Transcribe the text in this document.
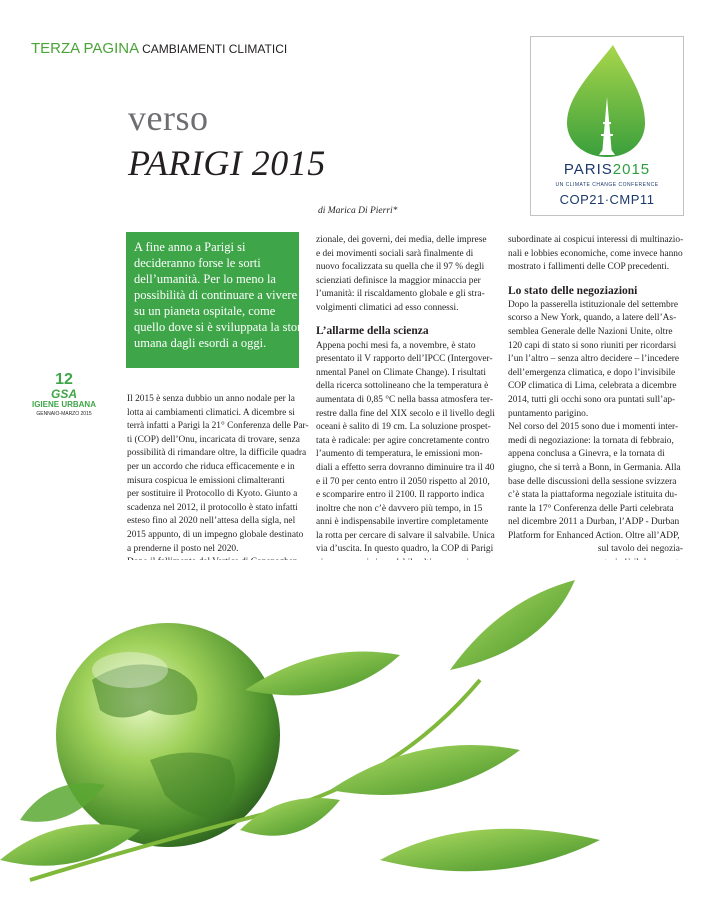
TERZA PAGINA CAMBIAMENTI CLIMATICI
verso
PARIGI 2015
di Marica Di Pierri*
PARIS2015
UN CLIMATE CHANGE CONFERENCE
COP21·CMP11
A fine anno a Parigi si
decideranno forse le sorti
dell’umanità. Per lo meno la
possibilità di continuare a vivere
su un pianeta ospitale, come
quello dove si è sviluppata la storia
umana dagli esordi a oggi.
12
GSA
IGIENE URBANA
GENNAIO-MARZO 2015

Il 2015 è senza dubbio un anno nodale per la
lotta ai cambiamenti climatici. A dicembre si
terrà infatti a Parigi la 21° Conferenza delle Par-
ti (COP) dell’Onu, incaricata di trovare, senza
possibilità di rimandare oltre, la difficile quadra
per un accordo che riduca efficacemente e in
misura cospicua le emissioni climalteranti
per sostituire il Protocollo di Kyoto. Giunto a
scadenza nel 2012, il protocollo è stato infatti
esteso fino al 2020 nell’attesa della sigla, nel
2015 appunto, di un impegno globale destinato
a prenderne il posto nel 2020.

zionale, dei governi, dei media, delle imprese
e dei movimenti sociali sarà finalmente di
nuovo focalizzata su quella che il 97 % degli
scienziati definisce la maggior minaccia per
l’umanità: il riscaldamento globale e gli stra-
volgimenti climatici ad esso connessi.

L’allarme della scienza

Appena pochi mesi fa, a novembre, è stato
presentato il V rapporto dell’IPCC (Intergover-
nmental Panel on Climate Change). I risultati
della ricerca sottolineano che la temperatura è
aumentata di 0,85 °C nella bassa atmosfera ter-
restre dalla fine del XIX secolo e il livello degli
oceani è salito di 19 cm. La soluzione prospet-
tata è radicale: per agire concretamente contro
l’aumento di temperatura, le emissioni mon-
diali a effetto serra dovranno diminuire tra il 40
e il 70 per cento entro il 2050 rispetto al 2010,
e scomparire entro il 2100. Il rapporto indica
inoltre che non c’è davvero più tempo, in 15
anni è indispensabile invertire completamente
la rotta per cercare di salvare il salvabile. Unica
via d’uscita. In questo quadro, la COP di Parigi

subordinate ai cospicui interessi di multinazio-
nali e lobbies economiche, come invece hanno
mostrato i fallimenti delle COP precedenti.

Lo stato delle negoziazioni

Dopo la passerella istituzionale del settembre
scorso a New York, quando, a latere dell’As-
semblea Generale delle Nazioni Unite, oltre
120 capi di stato si sono riuniti per ricordarsi
l’un l’altro – senza altro decidere – l’incedere
dell’emergenza climatica, e dopo l’invisibile
COP climatica di Lima, celebrata a dicembre
2014, tutti gli occhi sono ora puntati sull’ap-
puntamento parigino.

Nel corso del 2015 sono due i momenti inter-
medi di negoziazione: la tornata di febbraio,
appena conclusa a Ginevra, e la tornata di
giugno, che si terrà a Bonn, in Germania. Alla
base delle discussioni della sessione svizzera
c’è stata la piattaforma negoziale istituita du-
rante la 17° Conferenza delle Parti celebrata
nel dicembre 2011 a Durban, l’ADP - Durban
Platform for Enhanced Action. Oltre all’ADP,
sul tavolo dei negozia-
